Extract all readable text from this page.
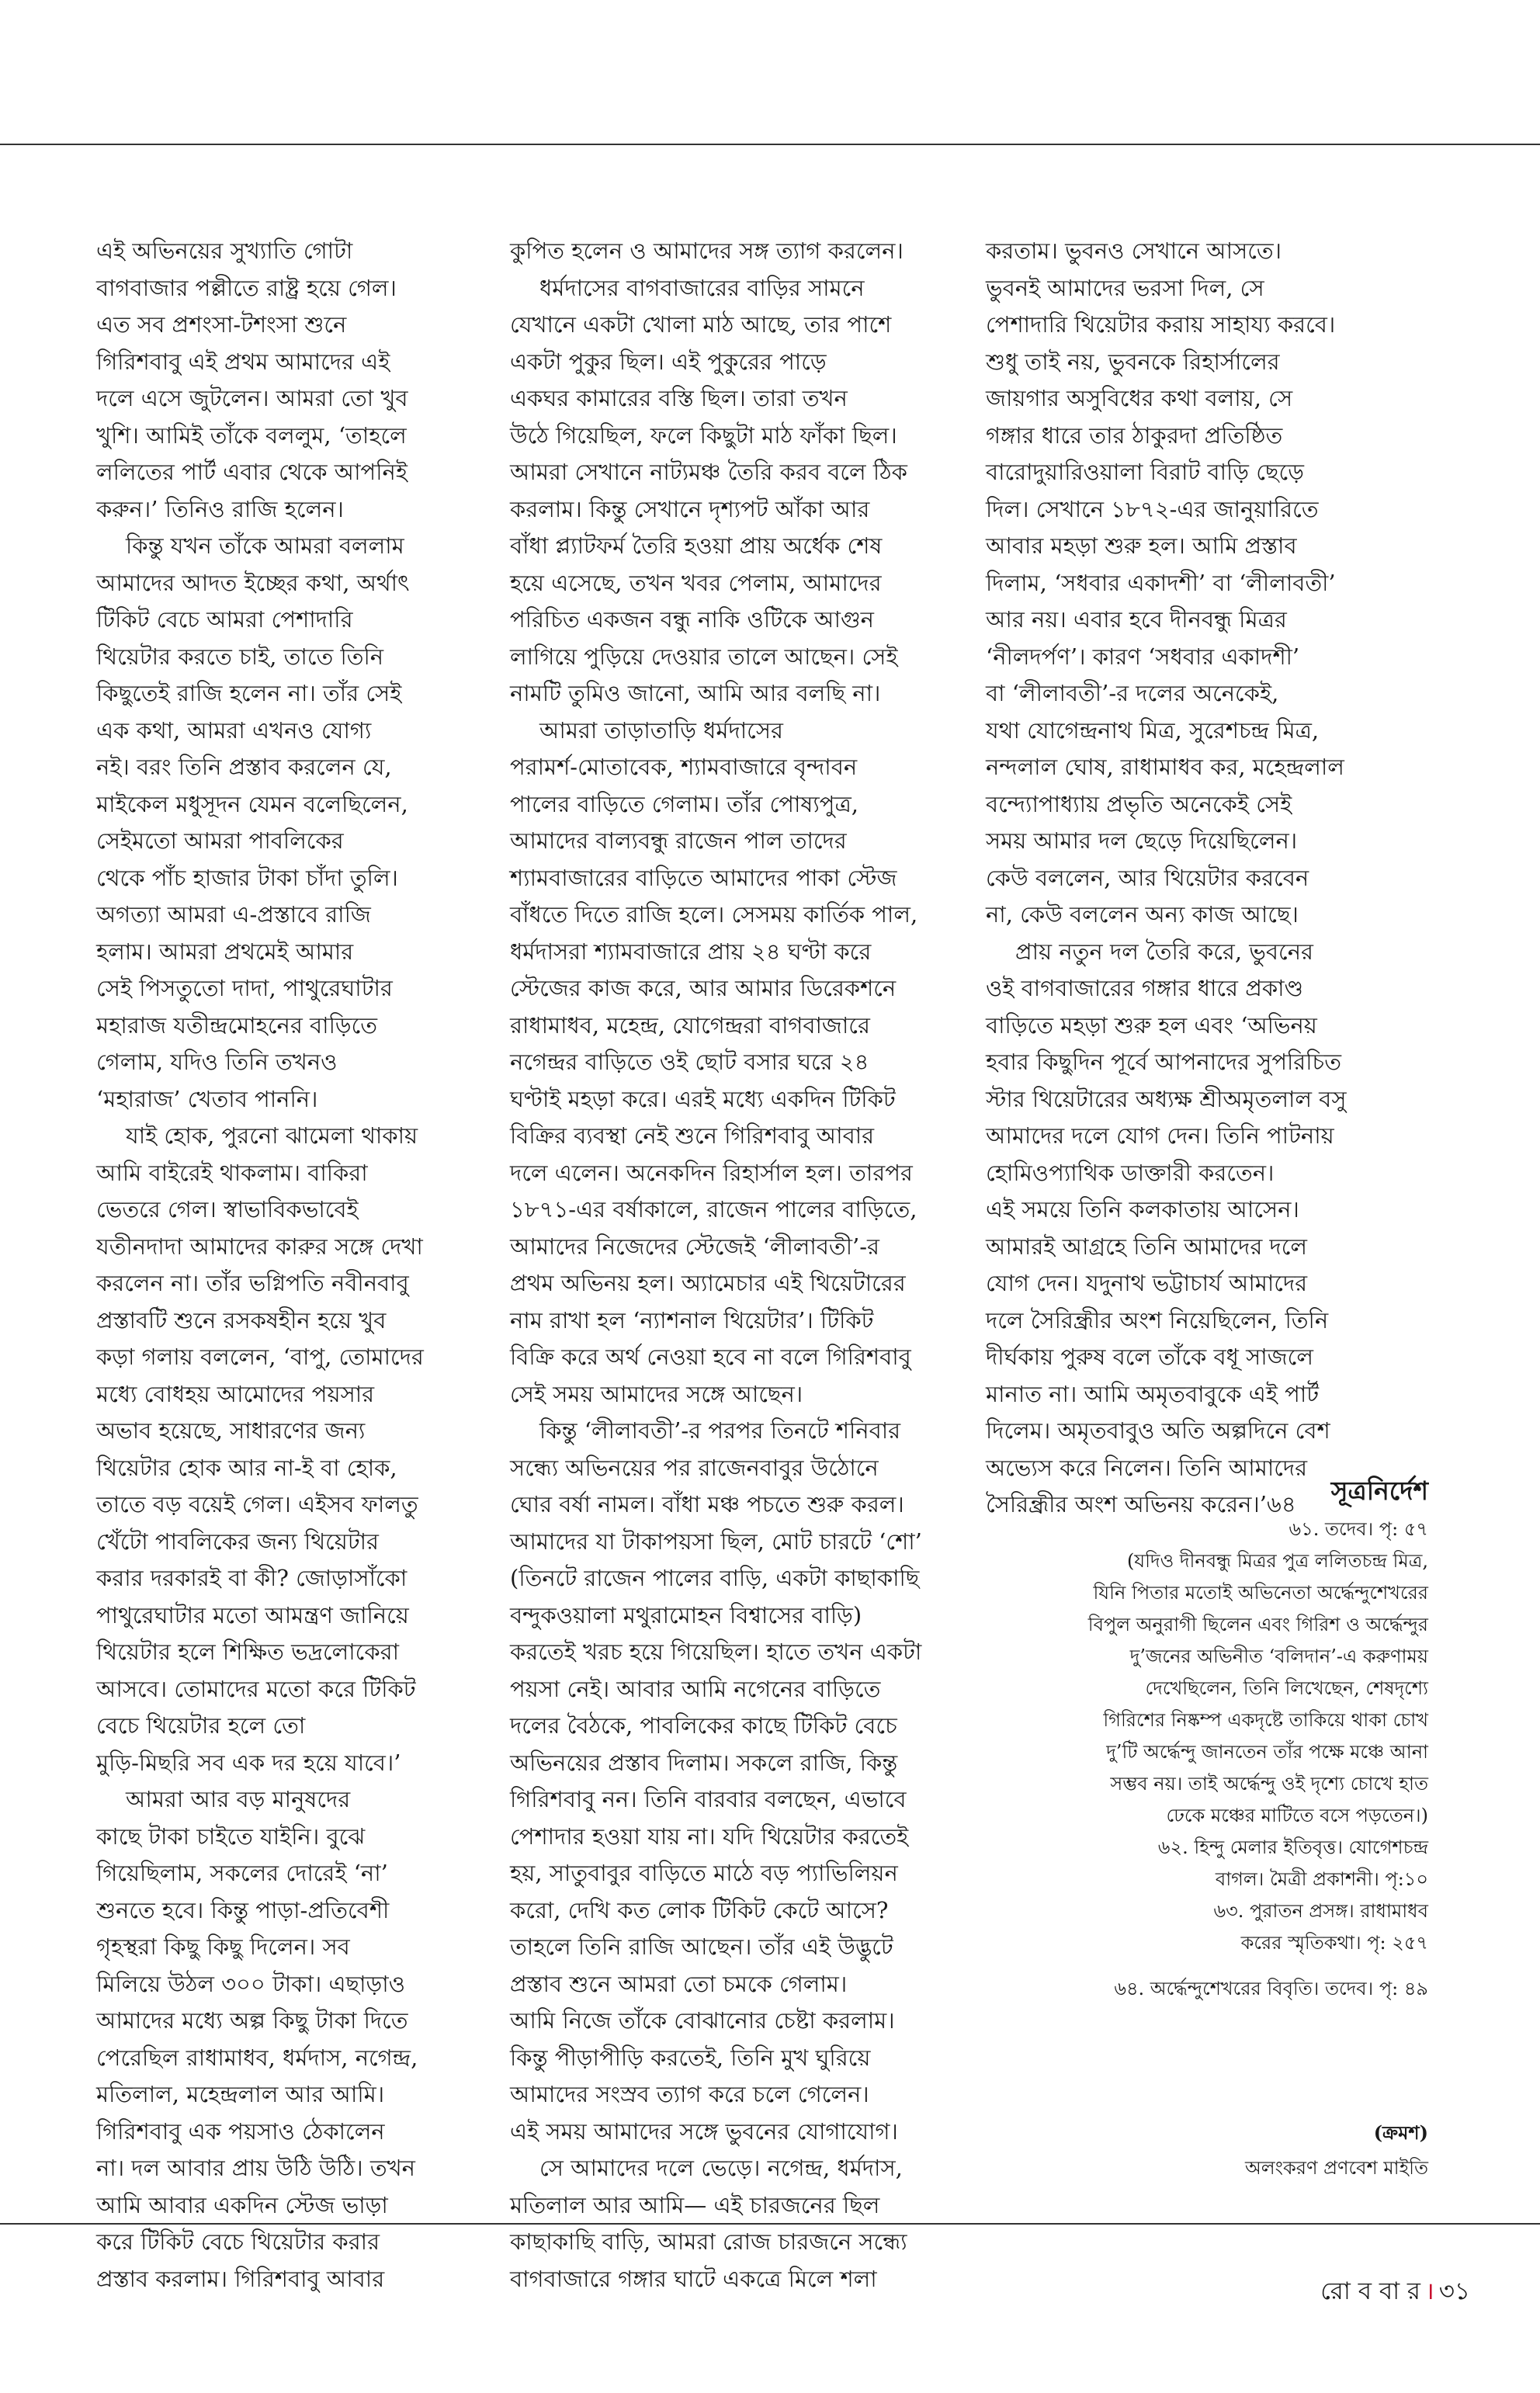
এই অভিনয়ের সুখ্যাতি গোটা

বাগবাজার পল্লীতে রাষ্ট্র হয়ে গেল।

এত সব প্রশংসা-টশংসা শুনে

গিরিশবাবু এই প্রথম আমাদের এই

দলে এসে জুটলেন। আমরা তো খুব

খুশি। আমিই তাঁকে বললুম, ‘তাহলে

ললিতের পার্ট এবার থেকে আপনিই

করুন।’ তিনিও রাজি হলেন।

কিন্তু যখন তাঁকে আমরা বললাম

আমাদের আদত ইচ্ছের কথা, অর্থাৎ

টিকিট বেচে আমরা পেশাদারি

থিয়েটার করতে চাই, তাতে তিনি

কিছুতেই রাজি হলেন না। তাঁর সেই

এক কথা, আমরা এখনও যোগ্য

নই। বরং তিনি প্রস্তাব করলেন যে,

মাইকেল মধুসূদন যেমন বলেছিলেন,

সেইমতো আমরা পাবলিকের

থেকে পাঁচ হাজার টাকা চাঁদা তুলি।

অগত্যা আমরা এ-প্রস্তাবে রাজি

হলাম। আমরা প্রথমেই আমার

সেই পিসতুতো দাদা, পাথুরেঘাটার

মহারাজ যতীন্দ্রমোহনের বাড়িতে

গেলাম, যদিও তিনি তখনও

‘মহারাজ’ খেতাব পাননি।

যাই হোক, পুরনো ঝামেলা থাকায়

আমি বাইরেই থাকলাম। বাকিরা

ভেতরে গেল। স্বাভাবিকভাবেই

যতীনদাদা আমাদের কারুর সঙ্গে দেখা

করলেন না। তাঁর ভগ্নিপতি নবীনবাবু

প্রস্তাবটি শুনে রসকষহীন হয়ে খুব

কড়া গলায় বললেন, ‘বাপু, তোমাদের

মধ্যে বোধহয় আমোদের পয়সার

অভাব হয়েছে, সাধারণের জন্য

থিয়েটার হোক আর না-ই বা হোক,

তাতে বড় বয়েই গেল। এইসব ফালতু

খেঁটো পাবলিকের জন্য থিয়েটার

করার দরকারই বা কী? জোড়াসাঁকো

পাথুরেঘাটার মতো আমন্ত্রণ জানিয়ে

থিয়েটার হলে শিক্ষিত ভদ্রলোকেরা

আসবে। তোমাদের মতো করে টিকিট

বেচে থিয়েটার হলে তো

মুড়ি-মিছরি সব এক দর হয়ে যাবে।’

আমরা আর বড় মানুষদের

কাছে টাকা চাইতে যাইনি। বুঝে

গিয়েছিলাম, সকলের দোরেই ‘না’

শুনতে হবে। কিন্তু পাড়া-প্রতিবেশী

গৃহস্থরা কিছু কিছু দিলেন। সব

মিলিয়ে উঠল ৩০০ টাকা। এছাড়াও

আমাদের মধ্যে অল্প কিছু টাকা দিতে

পেরেছিল রাধামাধব, ধর্মদাস, নগেন্দ্র,

মতিলাল, মহেন্দ্রলাল আর আমি।

গিরিশবাবু এক পয়সাও ঠেকালেন

না। দল আবার প্রায় উঠি উঠি। তখন

আমি আবার একদিন স্টেজ ভাড়া

করে টিকিট বেচে থিয়েটার করার

প্রস্তাব করলাম। গিরিশবাবু আবার

কুপিত হলেন ও আমাদের সঙ্গ ত্যাগ করলেন।

ধর্মদাসের বাগবাজারের বাড়ির সামনে

যেখানে একটা খোলা মাঠ আছে, তার পাশে

একটা পুকুর ছিল। এই পুকুরের পাড়ে

একঘর কামারের বস্তি ছিল। তারা তখন

উঠে গিয়েছিল, ফলে কিছুটা মাঠ ফাঁকা ছিল।

আমরা সেখানে নাট্যমঞ্চ তৈরি করব বলে ঠিক

করলাম। কিন্তু সেখানে দৃশ্যপট আঁকা আর

বাঁধা প্ল্যাটফর্ম তৈরি হওয়া প্রায় অর্ধেক শেষ

হয়ে এসেছে, তখন খবর পেলাম, আমাদের

পরিচিত একজন বন্ধু নাকি ওটিকে আগুন

লাগিয়ে পুড়িয়ে দেওয়ার তালে আছেন। সেই

নামটি তুমিও জানো, আমি আর বলছি না।

আমরা তাড়াতাড়ি ধর্মদাসের

পরামর্শ-মোতাবেক, শ্যামবাজারে বৃন্দাবন

পালের বাড়িতে গেলাম। তাঁর পোষ্যপুত্র,

আমাদের বাল্যবন্ধু রাজেন পাল তাদের

শ্যামবাজারের বাড়িতে আমাদের পাকা স্টেজ

বাঁধতে দিতে রাজি হলে। সেসময় কার্তিক পাল,

ধর্মদাসরা শ্যামবাজারে প্রায় ২৪ ঘণ্টা করে

স্টেজের কাজ করে, আর আমার ডিরেকশনে

রাধামাধব, মহেন্দ্র, যোগেন্দ্ররা বাগবাজারে

নগেন্দ্রর বাড়িতে ওই ছোট বসার ঘরে ২৪

ঘণ্টাই মহড়া করে। এরই মধ্যে একদিন টিকিট

বিক্রির ব্যবস্থা নেই শুনে গিরিশবাবু আবার

দলে এলেন। অনেকদিন রিহার্সাল হল। তারপর

১৮৭১-এর বর্ষাকালে, রাজেন পালের বাড়িতে,

আমাদের নিজেদের স্টেজেই ‘লীলাবতী’-র

প্রথম অভিনয় হল। অ্যামেচার এই থিয়েটারের

নাম রাখা হল ‘ন্যাশনাল থিয়েটার’। টিকিট

বিক্রি করে অর্থ নেওয়া হবে না বলে গিরিশবাবু

সেই সময় আমাদের সঙ্গে আছেন।

কিন্তু ‘লীলাবতী’-র পরপর তিনটে শনিবার

সন্ধ্যে অভিনয়ের পর রাজেনবাবুর উঠোনে

ঘোর বর্ষা নামল। বাঁধা মঞ্চ পচতে শুরু করল।

আমাদের যা টাকাপয়সা ছিল, মোট চারটে ‘শো’

(তিনটে রাজেন পালের বাড়ি, একটা কাছাকাছি

বন্দুকওয়ালা মথুরামোহন বিশ্বাসের বাড়ি)

করতেই খরচ হয়ে গিয়েছিল। হাতে তখন একটা

পয়সা নেই। আবার আমি নগেনের বাড়িতে

দলের বৈঠকে, পাবলিকের কাছে টিকিট বেচে

অভিনয়ের প্রস্তাব দিলাম। সকলে রাজি, কিন্তু

গিরিশবাবু নন। তিনি বারবার বলছেন, এভাবে

পেশাদার হওয়া যায় না। যদি থিয়েটার করতেই

হয়, সাতুবাবুর বাড়িতে মাঠে বড় প্যাভিলিয়ন

করো, দেখি কত লোক টিকিট কেটে আসে?

তাহলে তিনি রাজি আছেন। তাঁর এই উদ্ভুটে

প্রস্তাব শুনে আমরা তো চমকে গেলাম।

আমি নিজে তাঁকে বোঝানোর চেষ্টা করলাম।

কিন্তু পীড়াপীড়ি করতেই, তিনি মুখ ঘুরিয়ে

আমাদের সংস্রব ত্যাগ করে চলে গেলেন।

এই সময় আমাদের সঙ্গে ভুবনের যোগাযোগ।

সে আমাদের দলে ভেড়ে। নগেন্দ্র, ধর্মদাস,

মতিলাল আর আমি— এই চারজনের ছিল

কাছাকাছি বাড়ি, আমরা রোজ চারজনে সন্ধ্যে

বাগবাজারে গঙ্গার ঘাটে একত্রে মিলে শলা

করতাম। ভুবনও সেখানে আসতে।

ভুবনই আমাদের ভরসা দিল, সে

পেশাদারি থিয়েটার করায় সাহায্য করবে।

শুধু তাই নয়, ভুবনকে রিহার্সালের

জায়গার অসুবিধের কথা বলায়, সে

গঙ্গার ধারে তার ঠাকুরদা প্রতিষ্ঠিত

বারোদুয়ারিওয়ালা বিরাট বাড়ি ছেড়ে

দিল। সেখানে ১৮৭২-এর জানুয়ারিতে

আবার মহড়া শুরু হল। আমি প্রস্তাব

দিলাম, ‘সধবার একাদশী’ বা ‘লীলাবতী’

আর নয়। এবার হবে দীনবন্ধু মিত্রর

‘নীলদর্পণ’। কারণ ‘সধবার একাদশী’

বা ‘লীলাবতী’-র দলের অনেকেই,

যথা যোগেন্দ্রনাথ মিত্র, সুরেশচন্দ্র মিত্র,

নন্দলাল ঘোষ, রাধামাধব কর, মহেন্দ্রলাল

বন্দ্যোপাধ্যায় প্রভৃতি অনেকেই সেই

সময় আমার দল ছেড়ে দিয়েছিলেন।

কেউ বললেন, আর থিয়েটার করবেন

না, কেউ বললেন অন্য কাজ আছে।

প্রায় নতুন দল তৈরি করে, ভুবনের

ওই বাগবাজারের গঙ্গার ধারে প্রকাণ্ড

বাড়িতে মহড়া শুরু হল এবং ‘অভিনয়

হবার কিছুদিন পূর্বে আপনাদের সুপরিচিত

স্টার থিয়েটারের অধ্যক্ষ শ্রীঅমৃতলাল বসু

আমাদের দলে যোগ দেন। তিনি পাটনায়

হোমিওপ্যাথিক ডাক্তারী করতেন।

এই সময়ে তিনি কলকাতায় আসেন।

আমারই আগ্রহে তিনি আমাদের দলে

যোগ দেন। যদুনাথ ভট্টাচার্য আমাদের

দলে সৈরিন্ধ্রীর অংশ নিয়েছিলেন, তিনি

দীর্ঘকায় পুরুষ বলে তাঁকে বধূ সাজলে

মানাত না। আমি অমৃতবাবুকে এই পার্ট

দিলেম। অমৃতবাবুও অতি অল্পদিনে বেশ

অভ্যেস করে নিলেন। তিনি আমাদের

সৈরিন্ধ্রীর অংশ অভিনয় করেন।’৬৪	সূত্রনির্দেশ

৬১. তদেব। পৃ: ৫৭

(যদিও দীনবন্ধু মিত্রর পুত্র ললিতচন্দ্র মিত্র,

যিনি পিতার মতোই অভিনেতা অর্দ্ধেন্দুশেখরের

বিপুল অনুরাগী ছিলেন এবং গিরিশ ও অর্দ্ধেন্দুর

দু’জনের অভিনীত ‘বলিদান’-এ করুণাময়

দেখেছিলেন, তিনি লিখেছেন, শেষদৃশ্যে

গিরিশের নিষ্কম্প একদৃষ্টে তাকিয়ে থাকা চোখ

দু’টি অর্দ্ধেন্দু জানতেন তাঁর পক্ষে মঞ্চে আনা

সম্ভব নয়। তাই অর্দ্ধেন্দু ওই দৃশ্যে চোখে হাত

ঢেকে মঞ্চের মাটিতে বসে পড়তেন।)

৬২. হিন্দু মেলার ইতিবৃত্ত। যোগেশচন্দ্র

বাগল। মৈত্রী প্রকাশনী। পৃ:১০

৬৩. পুরাতন প্রসঙ্গ। রাধামাধব

করের স্মৃতিকথা। পৃ: ২৫৭

৬৪. অর্দ্ধেন্দুশেখরের বিবৃতি। তদেব। পৃ: ৪৯

(ক্রমশ)
অলংকরণ প্রণবেশ মাইতি
রো ব বা র । ৩১
